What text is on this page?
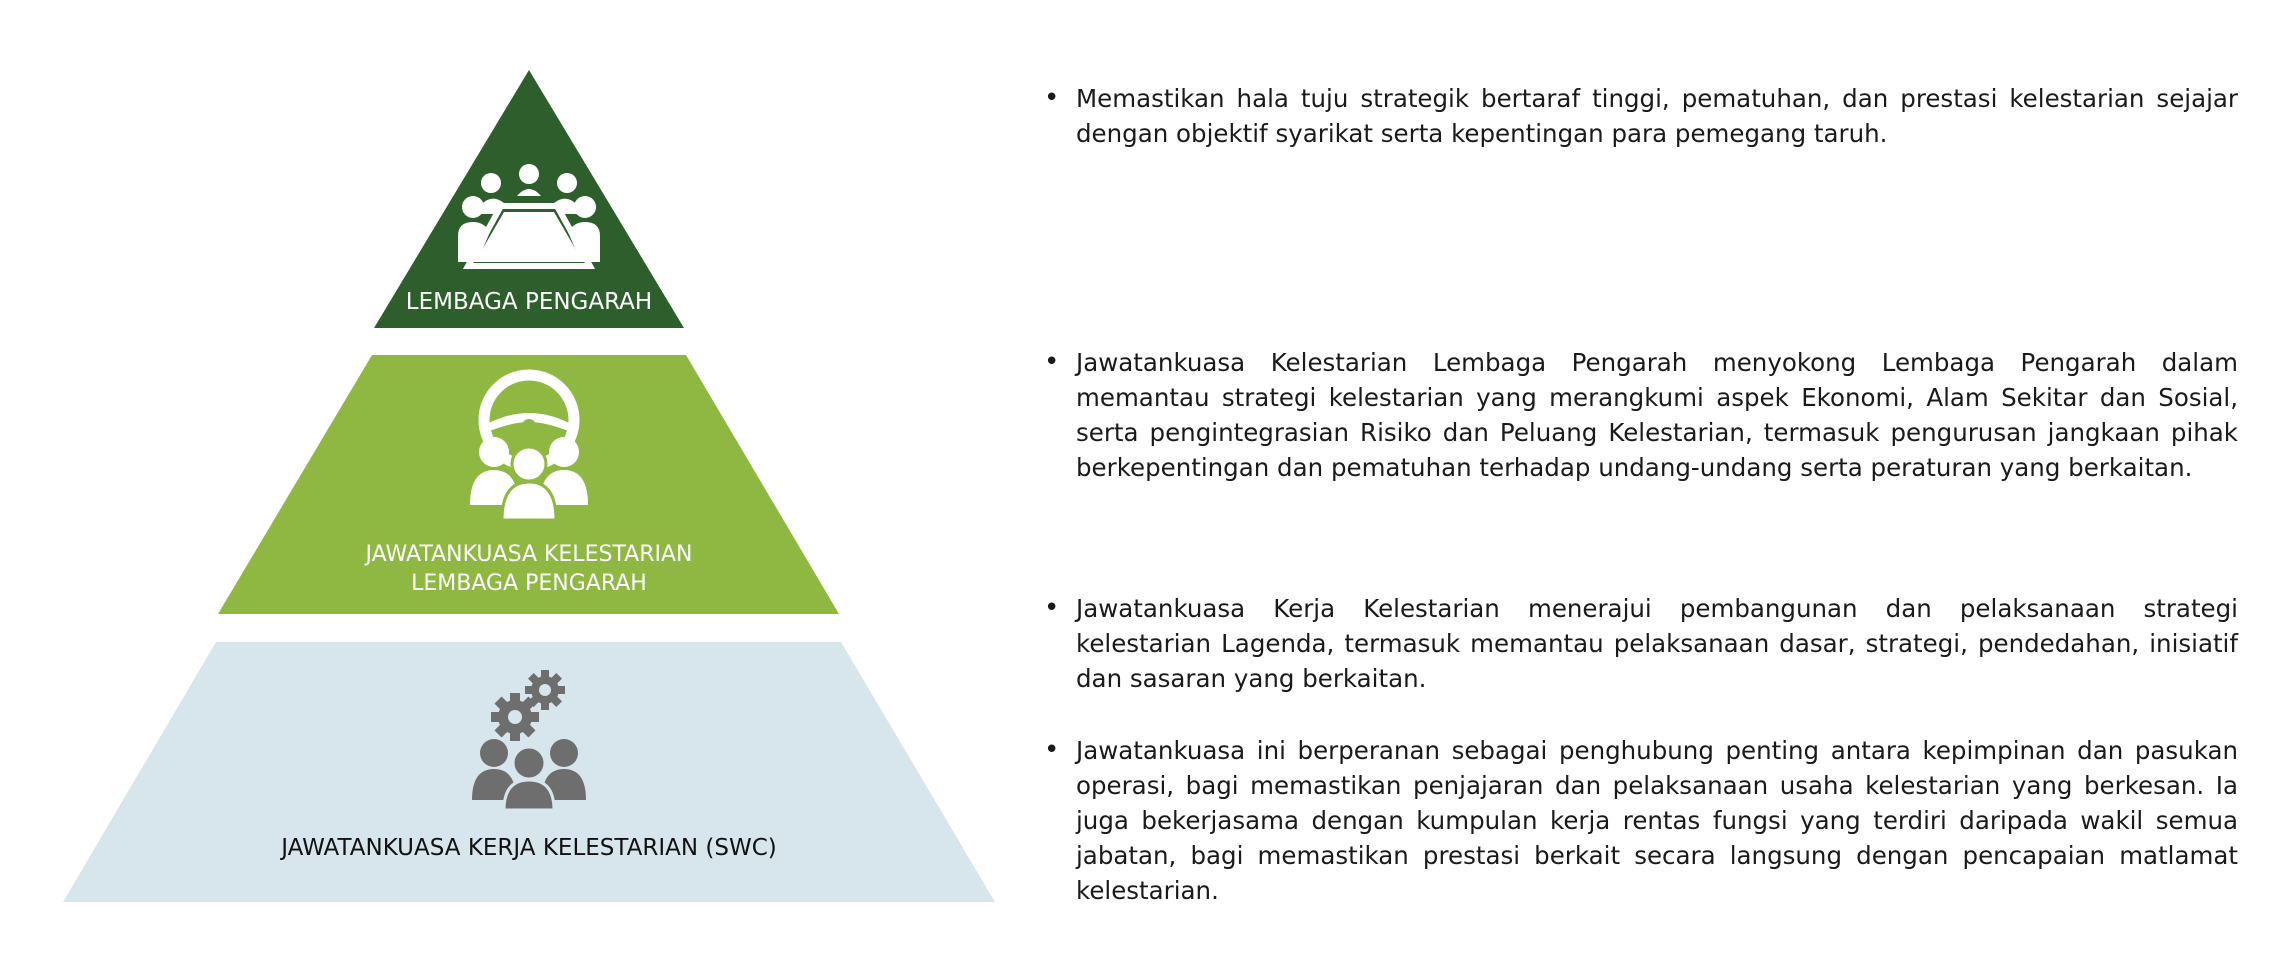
LEMBAGA PENGARAH
JAWATANKUASA KELESTARIAN
LEMBAGA PENGARAH
JAWATANKUASA KERJA KELESTARIAN (SWC)
• Memastikan hala tuju strategik bertaraf tinggi, pematuhan, dan prestasi kelestarian sejajar dengan objektif syarikat serta kepentingan para pemegang taruh.
• Jawatankuasa Kelestarian Lembaga Pengarah menyokong Lembaga Pengarah dalam memantau strategi kelestarian yang merangkumi aspek Ekonomi, Alam Sekitar dan Sosial, serta pengintegrasian Risiko dan Peluang Kelestarian, termasuk pengurusan jangkaan pihak berkepentingan dan pematuhan terhadap undang-undang serta peraturan yang berkaitan.
• Jawatankuasa Kerja Kelestarian menerajui pembangunan dan pelaksanaan strategi kelestarian Lagenda, termasuk memantau pelaksanaan dasar, strategi, pendedahan, inisiatif dan sasaran yang berkaitan.
• Jawatankuasa ini berperanan sebagai penghubung penting antara kepimpinan dan pasukan operasi, bagi memastikan penjajaran dan pelaksanaan usaha kelestarian yang berkesan. Ia juga bekerjasama dengan kumpulan kerja rentas fungsi yang terdiri daripada wakil semua jabatan, bagi memastikan prestasi berkait secara langsung dengan pencapaian matlamat kelestarian.
